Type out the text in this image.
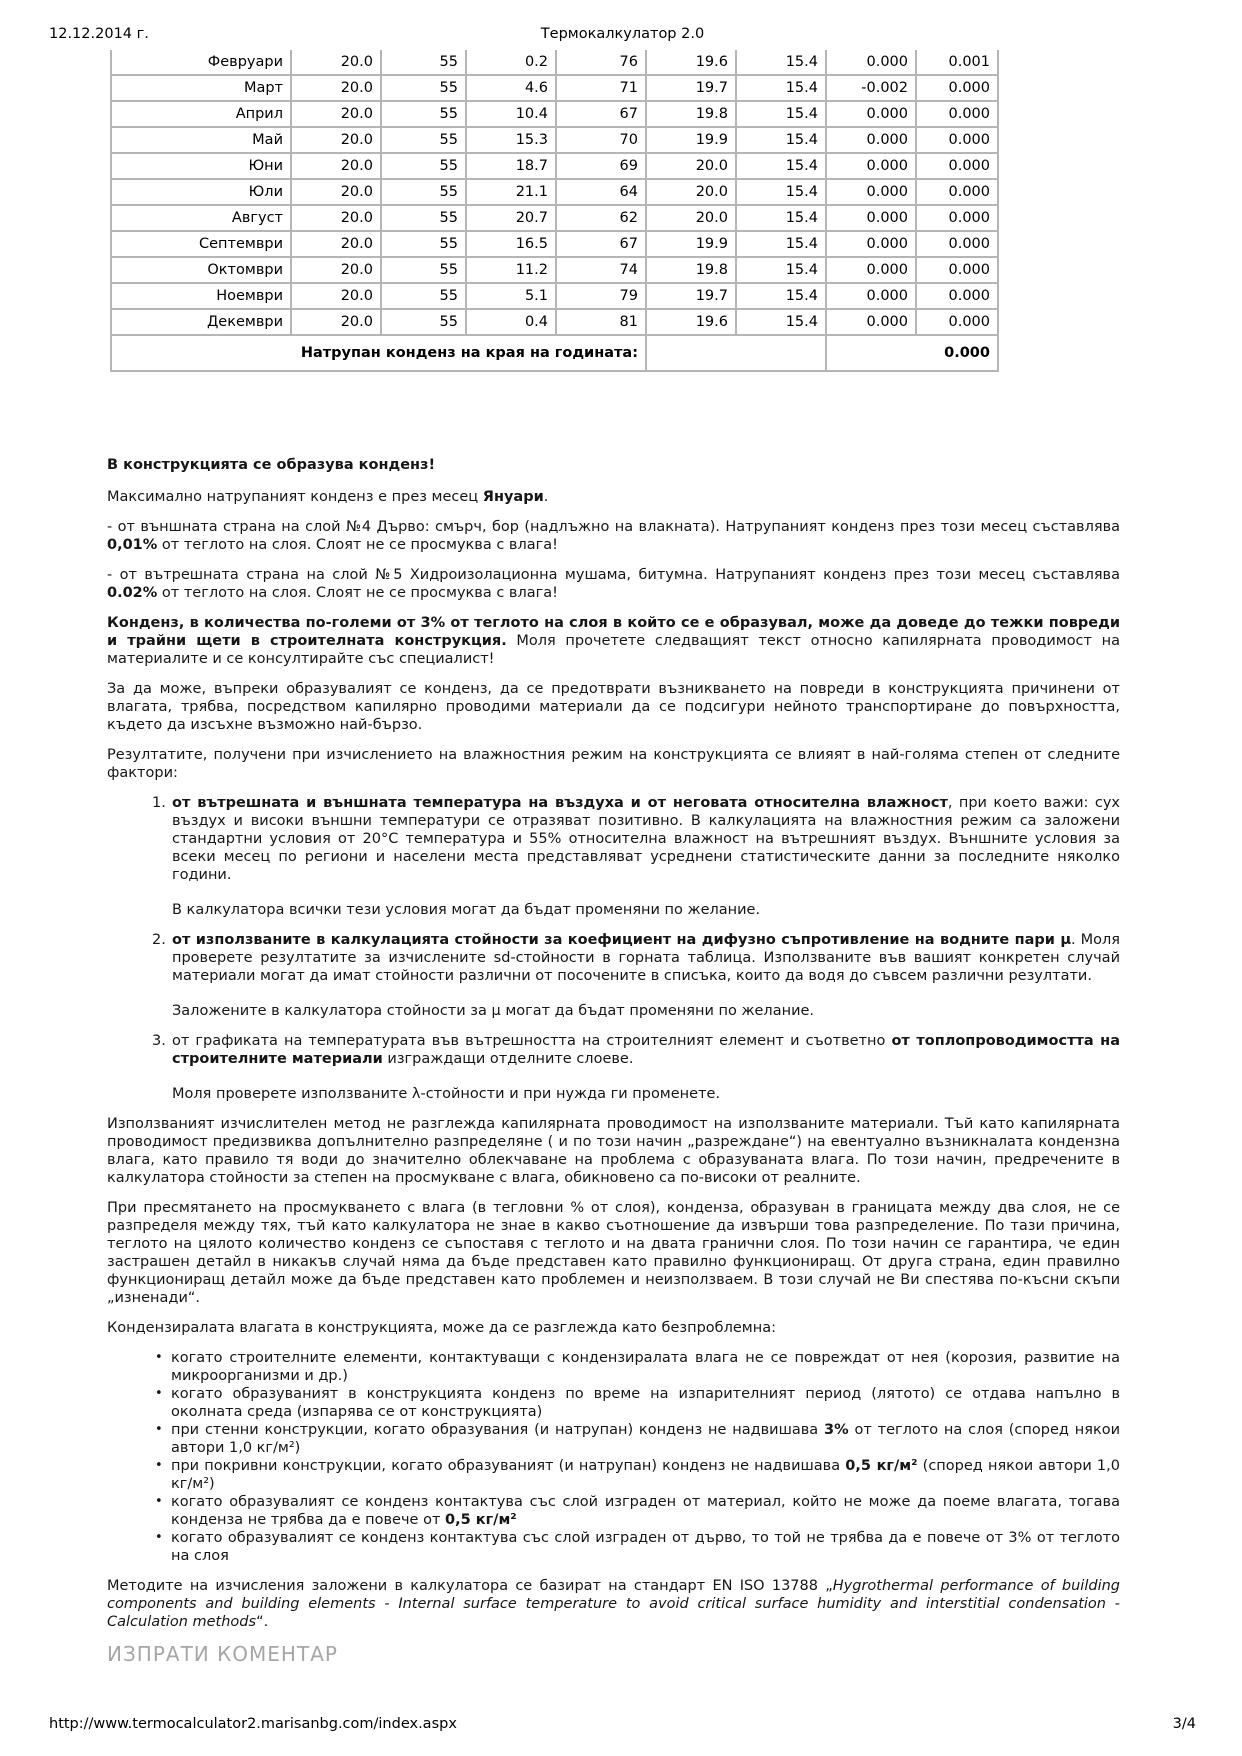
12.12.2014 г.	Термокалкулатор 2.0
Февруари	20.0	55	0.2	76	19.6	15.4	0.000	0.001
Март	20.0	55	4.6	71	19.7	15.4	-0.002	0.000
Април	20.0	55	10.4	67	19.8	15.4	0.000	0.000
Май	20.0	55	15.3	70	19.9	15.4	0.000	0.000
Юни	20.0	55	18.7	69	20.0	15.4	0.000	0.000
Юли	20.0	55	21.1	64	20.0	15.4	0.000	0.000
Август	20.0	55	20.7	62	20.0	15.4	0.000	0.000
Септември	20.0	55	16.5	67	19.9	15.4	0.000	0.000
Октомври	20.0	55	11.2	74	19.8	15.4	0.000	0.000
Ноември	20.0	55	5.1	79	19.7	15.4	0.000	0.000
Декември	20.0	55	0.4	81	19.6	15.4	0.000	0.000
Натрупан конденз на края на годината:							0.000	
В конструкцията се образува конденз!
Максимално натрупаният конденз е през месец Януари.
- от външната страна на слой №4 Дърво: смърч, бор (надлъжно на влакната). Натрупаният конденз през този месец съставлява 0,01% от теглото на слоя. Слоят не се просмуква с влага!
- от вътрешната страна на слой №5 Хидроизолационна мушама, битумна. Натрупаният конденз през този месец съставлява 0.02% от теглото на слоя. Слоят не се просмуква с влага!
Конденз, в количества по-големи от 3% от теглото на слоя в който се е образувал, може да доведе до тежки повреди и трайни щети в строителната конструкция. Моля прочетете следващият текст относно капилярната проводимост на материалите и се консултирайте със специалист!
За да може, въпреки образувалият се конденз, да се предотврати възникването на повреди в конструкцията причинени от влагата, трябва, посредством капилярно проводими материали да се подсигури нейното транспортиране до повърхността, където да изсъхне възможно най-бързо.
Резултатите, получени при изчислението на влажностния режим на конструкцията се влияят в най-голяма степен от следните фактори:
1. от вътрешната и външната температура на въздуха и от неговата относителна влажност, при което важи: сух въздух и високи външни температури се отразяват позитивно. В калкулацията на влажностния режим са заложени стандартни условия от 20°C температура и 55% относителна влажност на вътрешният въздух. Външните условия за всеки месец по региони и населени места представляват усреднени статистическите данни за последните няколко години.
В калкулатора всички тези условия могат да бъдат променяни по желание.
2. от използваните в калкулацията стойности за коефициент на дифузно съпротивление на водните пари μ. Моля проверете резултатите за изчислените sd-стойности в горната таблица. Използваните във вашият конкретен случай материали могат да имат стойности различни от посочените в списъка, които да водя до съвсем различни резултати.
Заложените в калкулатора стойности за μ могат да бъдат променяни по желание.
3. от графиката на температурата във вътрешността на строителният елемент и съответно от топлопроводимостта на строителните материали изграждащи отделните слоеве.
Моля проверете използваните λ-стойности и при нужда ги променете.
Използваният изчислителен метод не разглежда капилярната проводимост на използваните материали. Тъй като капилярната проводимост предизвиква допълнително разпределяне ( и по този начин „разреждане“) на евентуално възникналата кондензна влага, като правило тя води до значително облекчаване на проблема с образуваната влага. По този начин, предречените в калкулатора стойности за степен на просмукване с влага, обикновено са по-високи от реалните.
При пресмятането на просмукването с влага (в тегловни % от слоя), конденза, образуван в границата между два слоя, не се разпределя между тях, тъй като калкулатора не знае в какво съотношение да извърши това разпределение. По тази причина, теглото на цялото количество конденз се съпоставя с теглото и на двата гранични слоя. По този начин се гарантира, че един застрашен детайл в никакъв случай няма да бъде представен като правилно функциониращ. От друга страна, един правилно функциониращ детайл може да бъде представен като проблемен и неизползваем. В този случай не Ви спестява по-късни скъпи „изненади“.
Кондензиралата влагата в конструкцията, може да се разглежда като безпроблемна:
• когато строителните елементи, контактуващи с кондензиралата влага не се повреждат от нея (корозия, развитие на микроорганизми и др.)
• когато образуваният в конструкцията конденз по време на изпарителният период (лятото) се отдава напълно в околната среда (изпарява се от конструкцията)
• при стенни конструкции, когато образувания (и натрупан) конденз не надвишава 3% от теглото на слоя (според някои автори 1,0 кг/м²)
• при покривни конструкции, когато образуваният (и натрупан) конденз не надвишава 0,5 кг/м² (според някои автори 1,0 кг/м²)
• когато образувалият се конденз контактува със слой изграден от материал, който не може да поеме влагата, тогава конденза не трябва да е повече от 0,5 кг/м²
• когато образувалият се конденз контактува със слой изграден от дърво, то той не трябва да е повече от 3% от теглото на слоя
Методите на изчисления заложени в калкулатора се базират на стандарт EN ISO 13788 „Hygrothermal performance of building components and building elements - Internal surface temperature to avoid critical surface humidity and interstitial condensation - Calculation methods“.
ИЗПРАТИ КОМЕНТАР
http://www.termocalculator2.marisanbg.com/index.aspx	3/4
